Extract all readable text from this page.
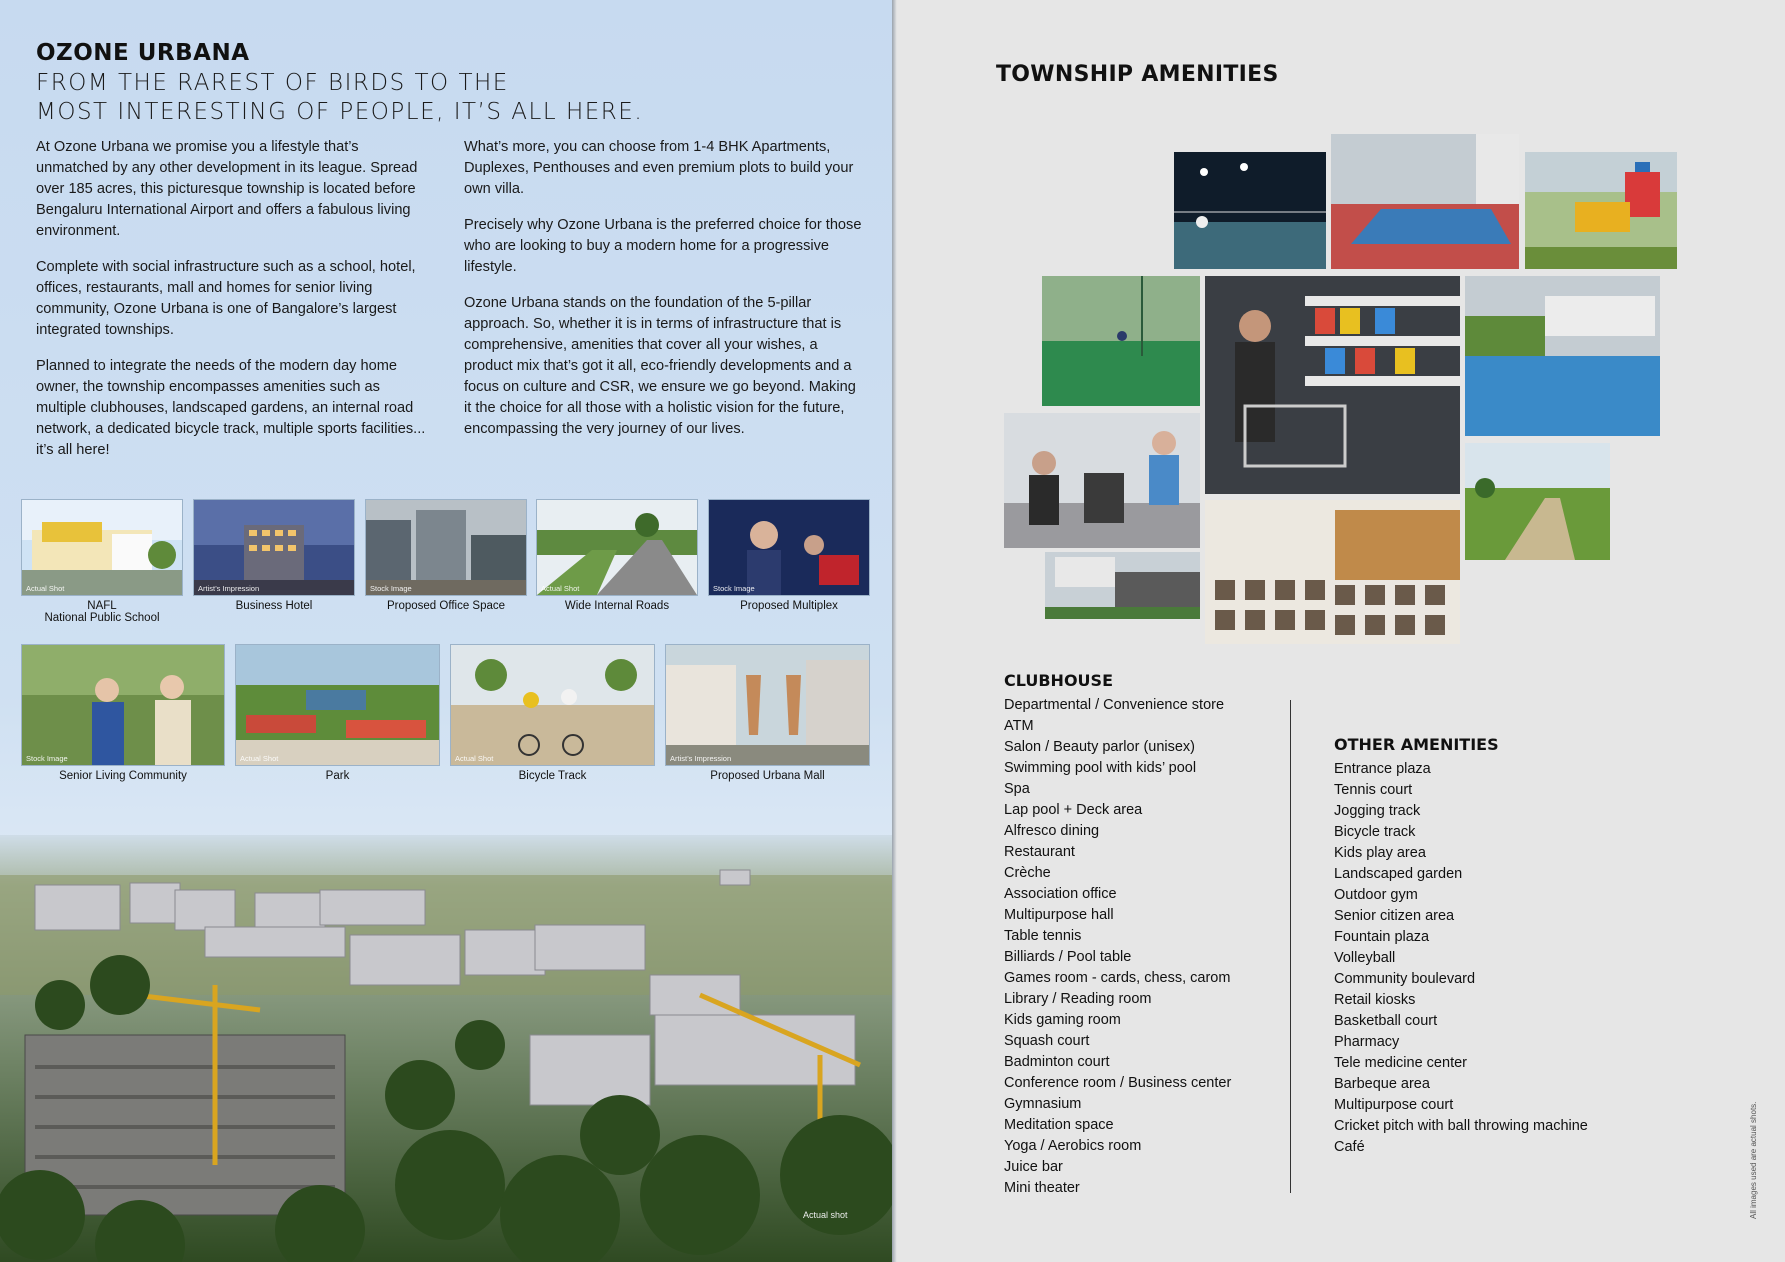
OZONE URBANA
FROM THE RAREST OF BIRDS TO THE
MOST INTERESTING OF PEOPLE, IT’S ALL HERE.

At Ozone Urbana we promise you a lifestyle that’s unmatched by any other development in its league. Spread over 185 acres, this picturesque township is located before Bengaluru International Airport and offers a fabulous living environment.

Complete with social infrastructure such as a school, hotel, offices, restaurants, mall and homes for senior living community, Ozone Urbana is one of Bangalore’s largest integrated townships.

Planned to integrate the needs of the modern day home owner, the township encompasses amenities such as multiple clubhouses, landscaped gardens, an internal road network, a dedicated bicycle track, multiple sports facilities... it’s all here!

What’s more, you can choose from 1-4 BHK Apartments, Duplexes, Penthouses and even premium plots to build your own villa.

Precisely why Ozone Urbana is the preferred choice for those who are looking to buy a modern home for a progressive lifestyle.

Ozone Urbana stands on the foundation of the 5-pillar approach. So, whether it is in terms of infrastructure that is comprehensive, amenities that cover all your wishes, a product mix that’s got it all, eco-friendly developments and a focus on culture and CSR, we ensure we go beyond. Making it the choice for all those with a holistic vision for the future, encompassing the very journey of our lives.

Actual Shot
NAFL
National Public School
Artist’s Impression
Business Hotel
Stock Image
Proposed Office Space
Actual Shot
Wide Internal Roads
Stock Image
Proposed Multiplex
Stock Image
Senior Living Community
Actual Shot
Park
Actual Shot
Bicycle Track
Artist’s Impression
Proposed Urbana Mall
Actual shot
TOWNSHIP AMENITIES
CLUBHOUSE
Departmental / Convenience store
ATM
Salon / Beauty parlor (unisex)
Swimming pool with kids’ pool
Spa
Lap pool + Deck area
Alfresco dining
Restaurant
Crèche
Association office
Multipurpose hall
Table tennis
Billiards / Pool table
Games room - cards, chess, carom
Library / Reading room
Kids gaming room
Squash court
Badminton court
Conference room / Business center
Gymnasium
Meditation space
Yoga / Aerobics room
Juice bar
Mini theater
OTHER AMENITIES
Entrance plaza
Tennis court
Jogging track
Bicycle track
Kids play area
Landscaped garden
Outdoor gym
Senior citizen area
Fountain plaza
Volleyball
Community boulevard
Retail kiosks
Basketball court
Pharmacy
Tele medicine center
Barbeque area
Multipurpose court
Cricket pitch with ball throwing machine
Café	All images used are actual shots.
